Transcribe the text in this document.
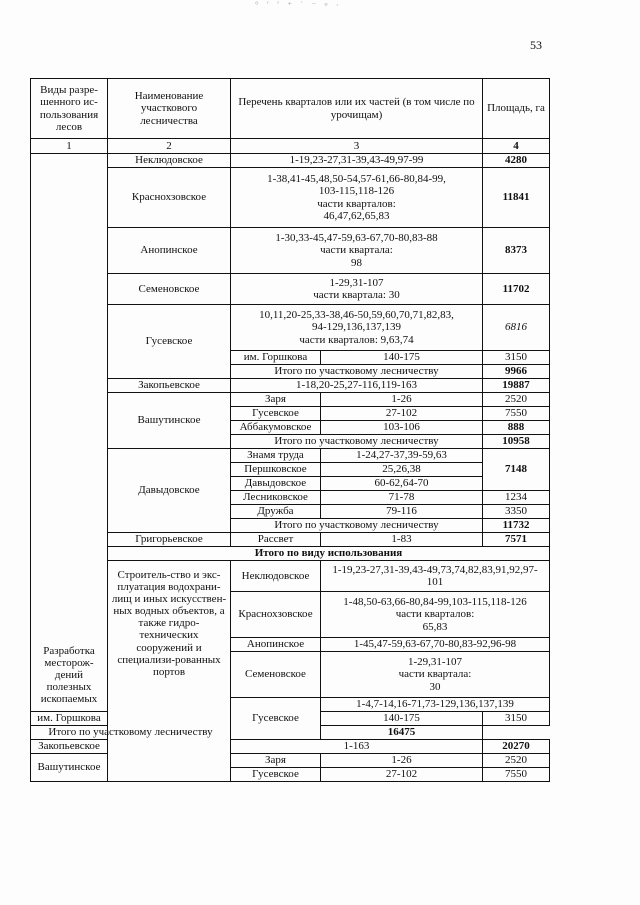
° ′ ′ ⁺ ˙ ⁻ ᵠ ·
53
Виды разре-шенного ис-пользования лесов	Наименование участкового лесничества	Перечень кварталов или их частей (в том числе по урочищам)		Площадь, га	
1	2	3		4	

Разработка месторож-дений полезных ископаемых	Неклюдовское	1-19,23-27,31-39,43-49,97-99		4280	
	Краснохзовское	1-38,41-45,48,50-54,57-61,66-80,84-99,
103-115,118-126
части кварталов:
46,47,62,65,83		11841	
	Анопинское	1-30,33-45,47-59,63-67,70-80,83-88
части квартала:
98		8373	
	Семеновское	1-29,31-107
части квартала: 30		11702	
	Гусевское	10,11,20-25,33-38,46-50,59,60,70,71,82,83,
94-129,136,137,139
части кварталов: 9,63,74		6816	
		им. Горшкова	140-175	3150	
		Итого по участковому лесничеству		9966	
	Закопьевское	1-18,20-25,27-116,119-163		19887	
	Вашутинское	Заря	1-26	2520	
		Гусевское	27-102	7550	
		Аббакумовское	103-106	888	
		Итого по участковому лесничеству		10958	
	Давыдовское	Знамя труда	1-24,27-37,39-59,63	7148	
		Першковское	25,26,38		
		Давыдовское	60-62,64-70		
		Лесниковское	71-78	1234	
		Дружба	79-116	3350	
		Итого по участковому лесничеству		11732	
	Григорьевское	Рассвет	1-83	7571	
	Итого по виду использования	

	Строитель-ство и экс-плуатация водохрани-лищ и иных искусствен-ных водных объектов, а также гидро-технических сооружений и специализи-рованных портов	Неклюдовское	1-19,23-27,31-39,43-49,73,74,82,83,91,92,97-
101

		Краснохзовское	1-48,50-63,66-80,84-99,103-115,118-126
части кварталов:
65,83

		Анопинское	1-45,47-59,63-67,70-80,83-92,96-98	
		Семеновское	1-29,31-107
части квартала:
30

		Гусевское	1-4,7-14,16-71,73-129,136,137,139	
им. Горшкова			140-175	3150	
Итого по участковому лесничеству			16475		
Закопьевское		1-163		20270	
Вашутинское		Заря	1-26	2520	
		Гусевское	27-102	7550	
